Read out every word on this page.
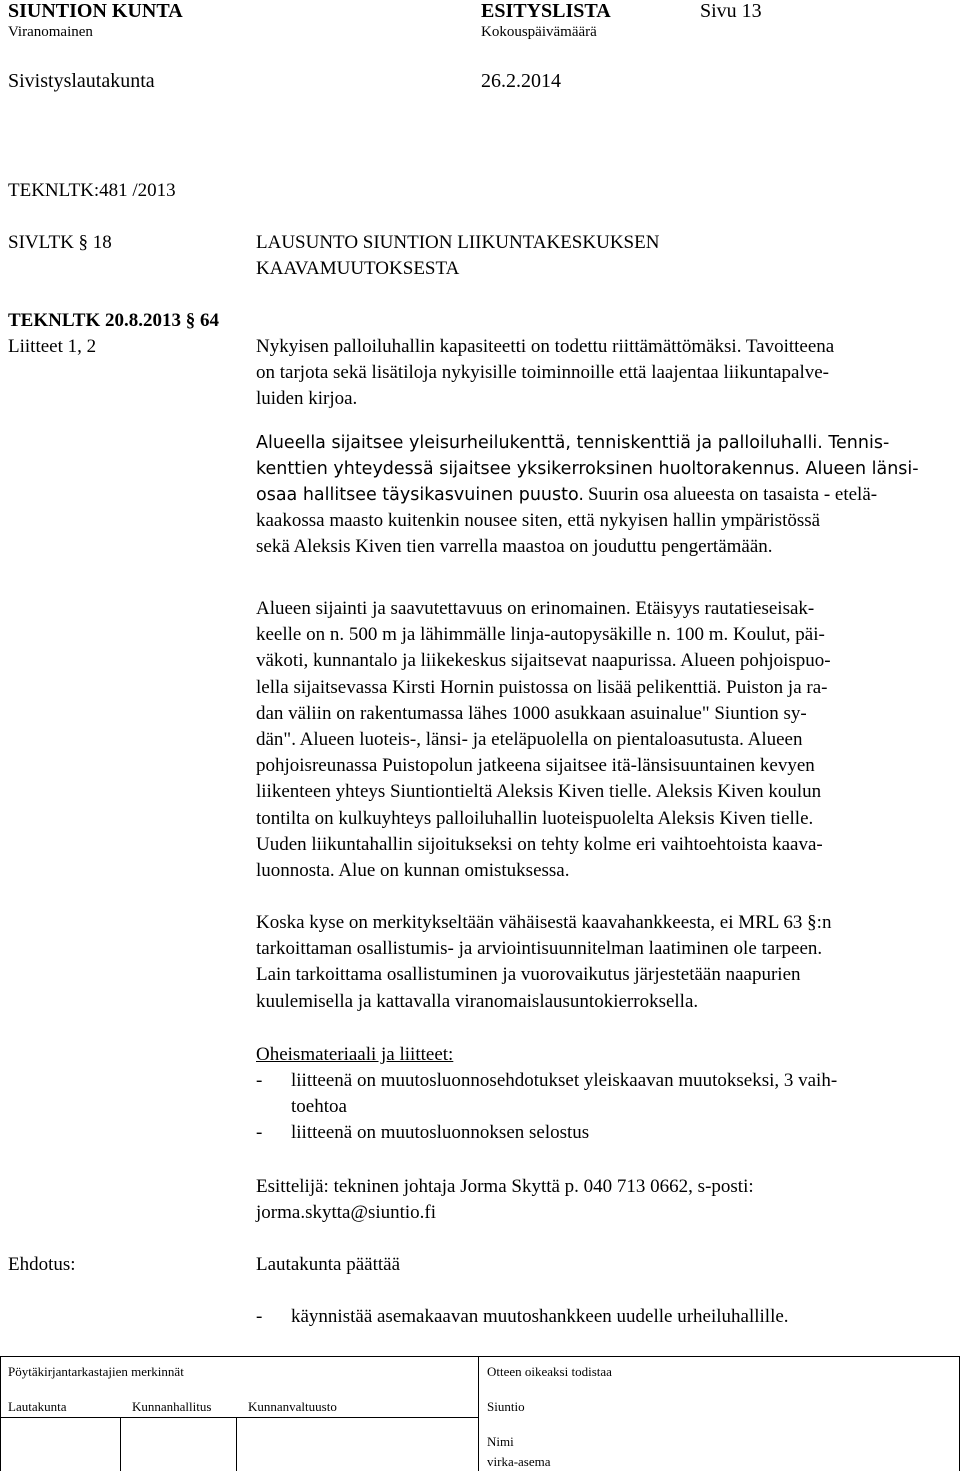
SIUNTION KUNTA	ESITYSLISTA	Sivu 13
Viranomainen	Kokouspäivämäärä
Sivistyslautakunta	26.2.2014
TEKNLTK:481 /2013
SIVLTK § 18	LAUSUNTO SIUNTION LIIKUNTAKESKUKSEN
KAAVAMUUTOKSESTA
TEKNLTK 20.8.2013 § 64
Liitteet 1, 2	Nykyisen palloiluhallin kapasiteetti on todettu riittämättömäksi. Tavoitteena
on tarjota sekä lisätiloja nykyisille toiminnoille että laajentaa liikuntapalve-
luiden kirjoa.
Alueella sijaitsee yleisurheilukenttä, tenniskenttiä ja palloiluhalli. Tennis-
kenttien yhteydessä sijaitsee yksikerroksinen huoltorakennus. Alueen länsi-
osaa hallitsee täysikasvuinen puusto. Suurin osa alueesta on tasaista - etelä-
kaakossa maasto kuitenkin nousee siten, että nykyisen hallin ympäristössä
sekä Aleksis Kiven tien varrella maastoa on jouduttu pengertämään.
Alueen sijainti ja saavutettavuus on erinomainen. Etäisyys rautatieseisak-
keelle on n. 500 m ja lähimmälle linja-autopysäkille n. 100 m. Koulut, päi-
väkoti, kunnantalo ja liikekeskus sijaitsevat naapurissa. Alueen pohjoispuo-
lella sijaitsevassa Kirsti Hornin puistossa on lisää pelikenttiä. Puiston ja ra-
dan väliin on rakentumassa lähes 1000 asukkaan asuinalue" Siuntion sy-
dän". Alueen luoteis-, länsi- ja eteläpuolella on pientaloasutusta. Alueen
pohjoisreunassa Puistopolun jatkeena sijaitsee itä-länsisuuntainen kevyen
liikenteen yhteys Siuntiontieltä Aleksis Kiven tielle. Aleksis Kiven koulun
tontilta on kulkuyhteys palloiluhallin luoteispuolelta Aleksis Kiven tielle.
Uuden liikuntahallin sijoitukseksi on tehty kolme eri vaihtoehtoista kaava-
luonnosta. Alue on kunnan omistuksessa.
Koska kyse on merkitykseltään vähäisestä kaavahankkeesta, ei MRL 63 §:n
tarkoittaman osallistumis- ja arviointisuunnitelman laatiminen ole tarpeen.
Lain tarkoittama osallistuminen ja vuorovaikutus järjestetään naapurien
kuulemisella ja kattavalla viranomaislausuntokierroksella.
Oheismateriaali ja liitteet:
- liitteenä on muutosluonnosehdotukset yleiskaavan muutokseksi, 3 vaih-
toehtoa
- liitteenä on muutosluonnoksen selostus
Esittelijä: tekninen johtaja Jorma Skyttä p. 040 713 0662, s-posti:
jorma.skytta@siuntio.fi
Ehdotus:	Lautakunta päättää
- käynnistää asemakaavan muutoshankkeen uudelle urheiluhallille.
Pöytäkirjantarkastajien merkinnät	Otteen oikeaksi todistaa
Lautakunta	Kunnanhallitus	Kunnanvaltuusto	Siuntio
Nimi
virka-asema
